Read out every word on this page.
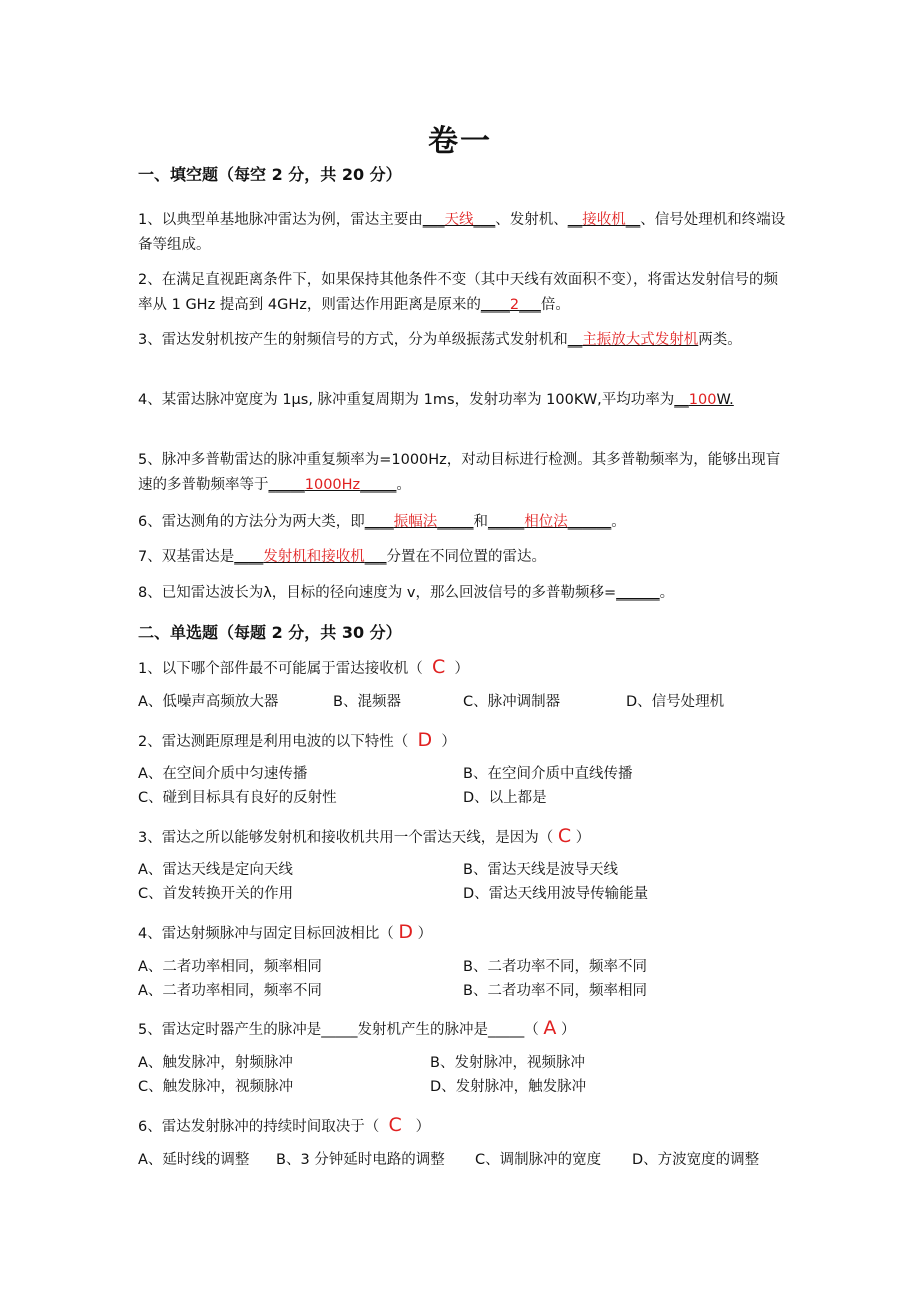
卷一
一、填空题（每空 2 分，共 20 分）
1、以典型单基地脉冲雷达为例，雷达主要由___天线___、发射机、__接收机__、信号处理机和终端设备等组成。
2、在满足直视距离条件下，如果保持其他条件不变（其中天线有效面积不变），将雷达发射信号的频率从 1 GHz 提高到 4GHz，则雷达作用距离是原来的____2___倍。
3、雷达发射机按产生的射频信号的方式，分为单级振荡式发射机和__主振放大式发射机两类。
4、某雷达脉冲宽度为 1μs, 脉冲重复周期为 1ms，发射功率为 100KW,平均功率为__100W.
5、脉冲多普勒雷达的脉冲重复频率为=1000Hz，对动目标进行检测。其多普勒频率为，能够出现盲速的多普勒频率等于_____1000Hz_____。
6、雷达测角的方法分为两大类，即____振幅法_____和_____相位法______。
7、双基雷达是____发射机和接收机___分置在不同位置的雷达。
8、已知雷达波长为λ，目标的径向速度为 v，那么回波信号的多普勒频移=______。
二、单选题（每题 2 分，共 30 分）
1、以下哪个部件最不可能属于雷达接收机（ C ）
A、低噪声高频放大器	B、混频器	C、脉冲调制器	D、信号处理机
2、雷达测距原理是利用电波的以下特性（ D ）
A、在空间介质中匀速传播	B、在空间介质中直线传播
C、碰到目标具有良好的反射性	D、以上都是
3、雷达之所以能够发射机和接收机共用一个雷达天线，是因为（ C ）
A、雷达天线是定向天线	B、雷达天线是波导天线
C、首发转换开关的作用	D、雷达天线用波导传输能量
4、雷达射频脉冲与固定目标回波相比（ D ）
A、二者功率相同，频率相同	B、二者功率不同，频率不同
A、二者功率相同，频率不同	B、二者功率不同，频率相同
5、雷达定时器产生的脉冲是_____发射机产生的脉冲是_____（ A ）
A、触发脉冲，射频脉冲	B、发射脉冲，视频脉冲
C、触发脉冲，视频脉冲	D、发射脉冲，触发脉冲
6、雷达发射脉冲的持续时间取决于（ C ）
A、延时线的调整 B、3 分钟延时电路的调整 C、调制脉冲的宽度 D、方波宽度的调整
